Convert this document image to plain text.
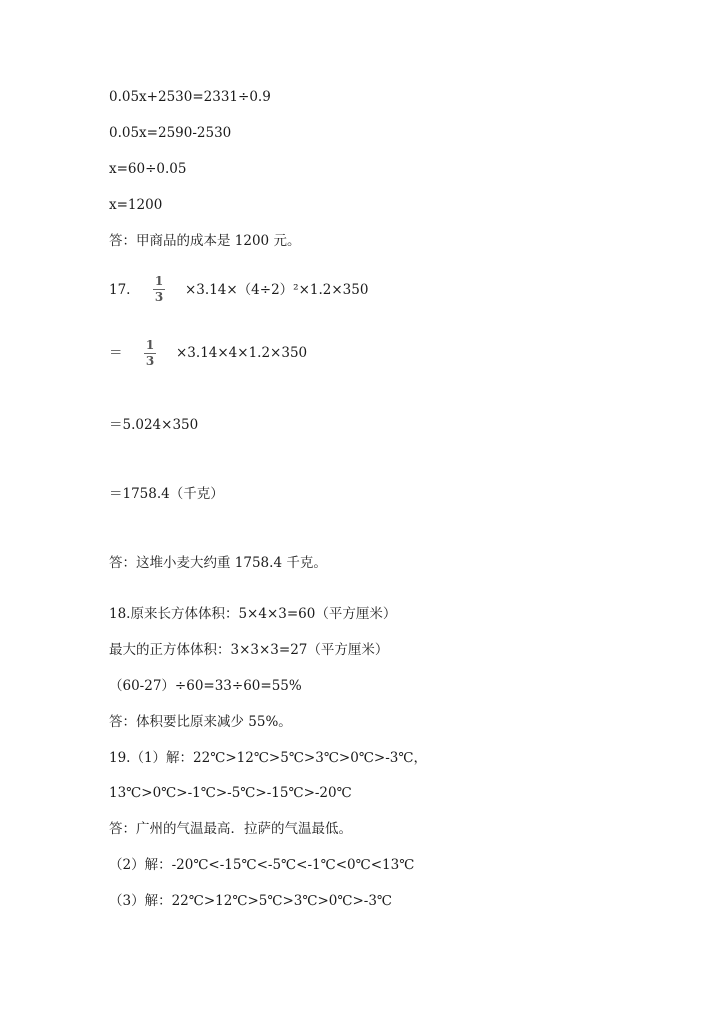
0.05x+2530=2331÷0.9
0.05x=2590-2530
x=60÷0.05
x=1200
答：甲商品的成本是 1200 元。
17.
1
3 ×3.14×（4÷2）²×1.2×350
＝ 1
3 ×3.14×4×1.2×350
＝5.024×350
＝1758.4（千克）
答：这堆小麦大约重 1758.4 千克。
18.原来长方体体积：5×4×3=60（平方厘米）
最大的正方体体积：3×3×3=27（平方厘米）
（60-27）÷60=33÷60=55%
答：体积要比原来减少 55%。
19.（1）解：22℃>12℃>5℃>3℃>0℃>-3℃，
13℃>0℃>-1℃>-5℃>-15℃>-20℃
答：广州的气温最高．拉萨的气温最低。
（2）解：-20℃<-15℃<-5℃<-1℃<0℃<13℃
（3）解：22℃>12℃>5℃>3℃>0℃>-3℃
